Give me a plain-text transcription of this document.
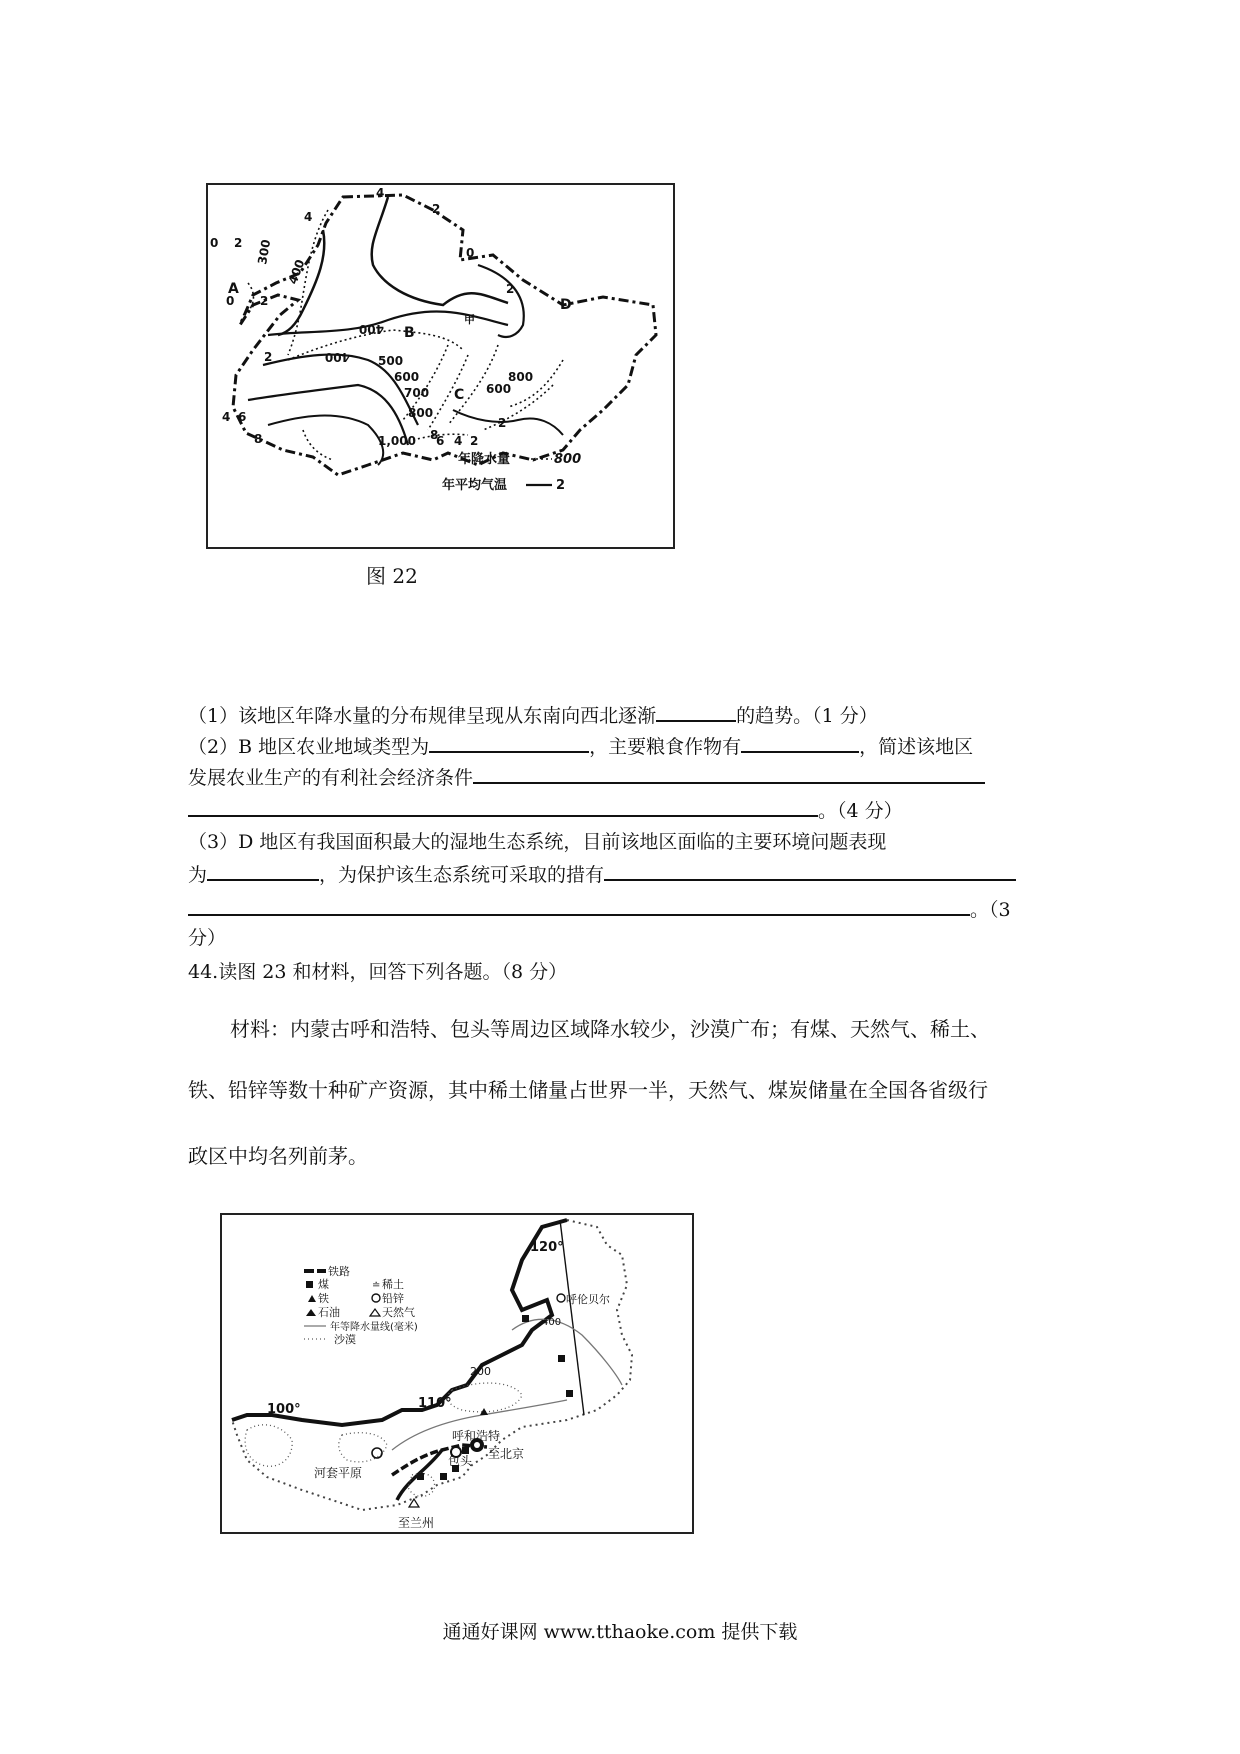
A
B
C
D
甲
4
4
2
2
0
0 2
0
2
2
300
400
400
400 500
600
700
800
600
800
1,000 8
6 4 2
2
4 6
8
年降水量	800
年平均气温	2
图 22
（1）该地区年降水量的分布规律呈现从东南向西北逐渐	的趋势。（1 分）
（2）B 地区农业地域类型为	，主要粮食作物有	，简述该地区
发展农业生产的有利社会经济条件
。（4 分）
（3）D 地区有我国面积最大的湿地生态系统，目前该地区面临的主要环境问题表现
为	，为保护该生态系统可采取的措有
。（3
分）
44.读图 23 和材料，回答下列各题。（8 分）
材料：内蒙古呼和浩特、包头等周边区域降水较少，沙漠广布；有煤、天然气、稀土、
铁、铅锌等数十种矿产资源，其中稀土储量占世界一半，天然气、煤炭储量在全国各省级行
政区中均名列前茅。
铁路
煤	≐ 稀土
铁	铅锌
石油	天然气
年等降水量线(毫米)
沙漠
120°
100°	110°
呼伦贝尔
400
200
呼和浩特
包头 至北京
河套平原
至兰州
通通好课网 www.tthaoke.com 提供下载
